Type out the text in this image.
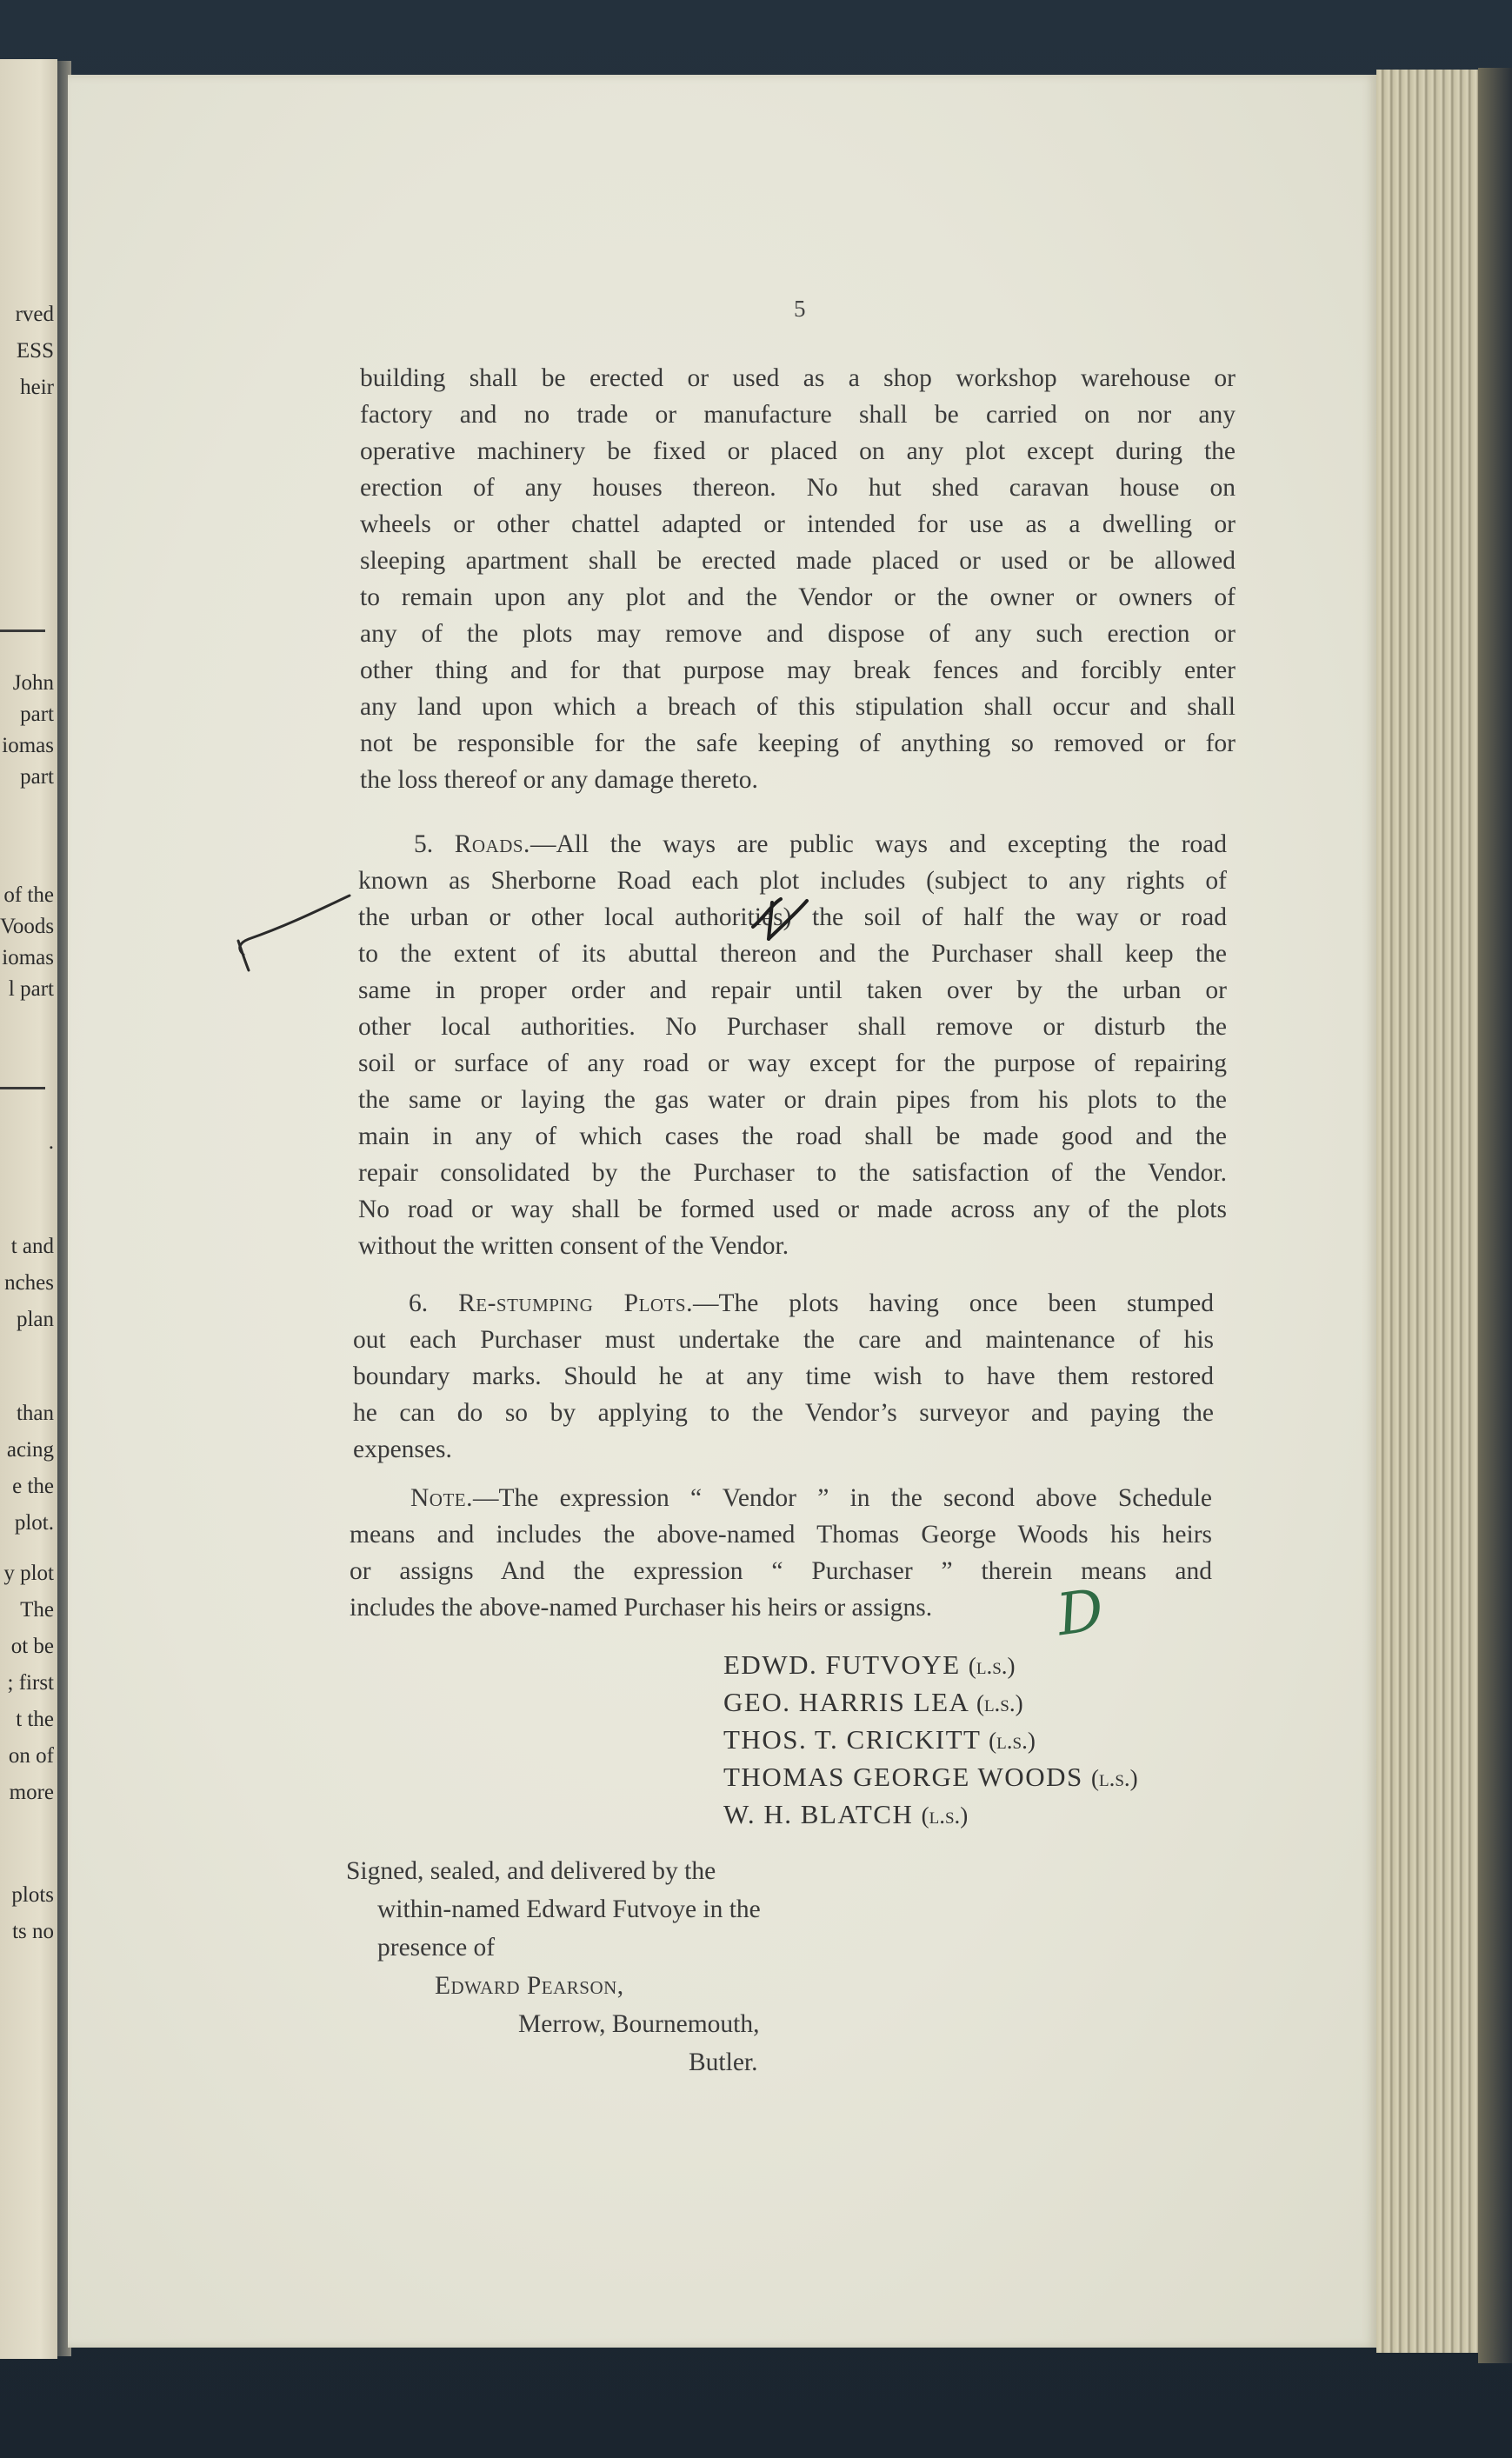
rved
ESS
heir
John
part
iomas
part
of the
Voods
iomas
l part
.
t and
nches
plan
than
acing
e the
plot.
y plot
The
ot be
; first
t the
on of
more
plots
ts no
5
building shall be erected or used as a shop workshop warehouse or
factory and no trade or manufacture shall be carried on nor any
operative machinery be fixed or placed on any plot except during the
erection of any houses thereon. No hut shed caravan house on
wheels or other chattel adapted or intended for use as a dwelling or
sleeping apartment shall be erected made placed or used or be allowed
to remain upon any plot and the Vendor or the owner or owners of
any of the plots may remove and dispose of any such erection or
other thing and for that purpose may break fences and forcibly enter
any land upon which a breach of this stipulation shall occur and shall
not be responsible for the safe keeping of anything so removed or for
the loss thereof or any damage thereto.
5. Roads.—All the ways are public ways and excepting the road
known as Sherborne Road each plot includes (subject to any rights of
the urban or other local authorities) the soil of half the way or road
to the extent of its abuttal thereon and the Purchaser shall keep the
same in proper order and repair until taken over by the urban or
other local authorities. No Purchaser shall remove or disturb the
soil or surface of any road or way except for the purpose of repairing
the same or laying the gas water or drain pipes from his plots to the
main in any of which cases the road shall be made good and the
repair consolidated by the Purchaser to the satisfaction of the Vendor.
No road or way shall be formed used or made across any of the plots
without the written consent of the Vendor.
6. Re-stumping Plots.—The plots having once been stumped
out each Purchaser must undertake the care and maintenance of his
boundary marks. Should he at any time wish to have them restored
he can do so by applying to the Vendor’s surveyor and paying the
expenses.
Note.—The expression “ Vendor ” in the second above Schedule
means and includes the above-named Thomas George Woods his heirs
or assigns And the expression “ Purchaser ” therein means and
includes the above-named Purchaser his heirs or assigns.
EDWD. FUTVOYE (l.s.)
GEO. HARRIS LEA (l.s.)
THOS. T. CRICKITT (l.s.)
THOMAS GEORGE WOODS (l.s.)
W. H. BLATCH (l.s.)
Signed, sealed, and delivered by the
within-named Edward Futvoye in the
presence of
Edward Pearson,
Merrow, Bournemouth,
Butler.
D
